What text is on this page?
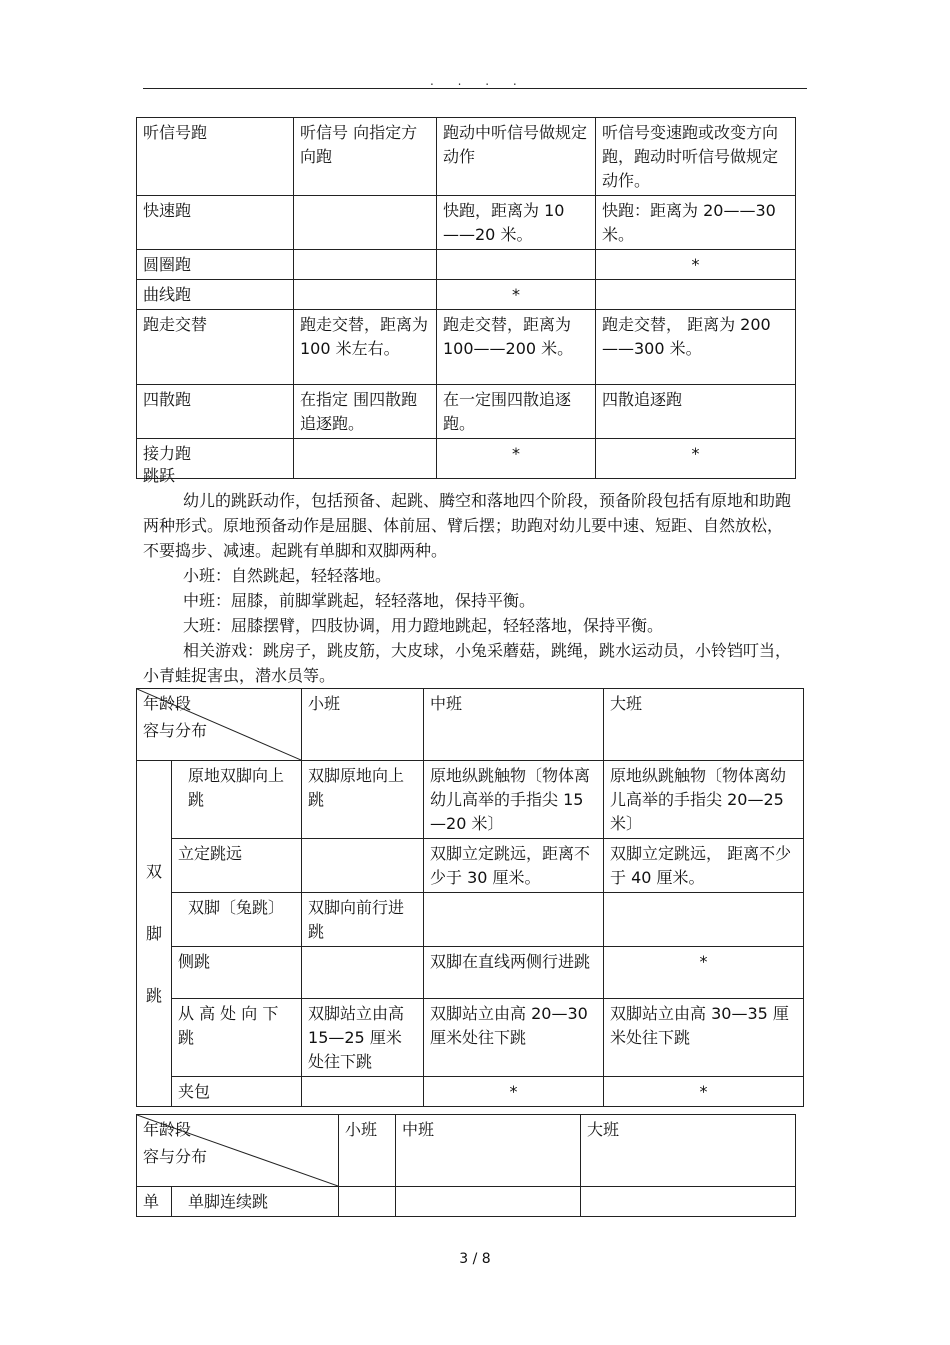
. . . .
听信号跑	听信号 向指定方向跑	跑动中听信号做规定动作	听信号变速跑或改变方向跑，跑动时听信号做规定动作。
快速跑		快跑，距离为 10——20 米。	快跑：距离为 20——30 米。
圆圈跑			*
曲线跑		*	
跑走交替	跑走交替，距离为 100 米左右。	跑走交替，距离为 100——200 米。	跑走交替， 距离为 200——300 米。
四散跑	在指定 围四散跑追逐跑。	在一定围四散追逐跑。	四散追逐跑
接力跑		*	*

跳跃

幼儿的跳跃动作，包括预备、起跳、腾空和落地四个阶段，预备阶段包括有原地和助跑两种形式。原地预备动作是屈腿、体前屈、臂后摆；助跑对幼儿要中速、短距、自然放松，不要捣步、减速。起跳有单脚和双脚两种。

小班：自然跳起，轻轻落地。

中班：屈膝，前脚掌跳起，轻轻落地，保持平衡。

大班：屈膝摆臂，四肢协调，用力蹬地跳起，轻轻落地，保持平衡。

相关游戏：跳房子，跳皮筋，大皮球，小兔采蘑菇，跳绳，跳水运动员，小铃铛叮当，小青蛙捉害虫，潜水员等。

年龄段
容与分布		小班	中班	大班

双
脚
跳	原地双脚向上跳	双脚原地向上跳	原地纵跳触物〔物体离幼儿高举的手指尖 15—20 米〕	原地纵跳触物〔物体离幼儿高举的手指尖 20—25 米〕
	立定跳远		双脚立定跳远，距离不少于 30 厘米。	双脚立定跳远， 距离不少于 40 厘米。
	双脚〔兔跳〕	双脚向前行进跳		
	侧跳		双脚在直线两侧行进跳	*
	从 高 处 向 下 跳	双脚站立由高 15—25 厘米处往下跳	双脚站立由高 20—30 厘米处往下跳	双脚站立由高 30—35 厘米处往下跳
	夹包		*	*
年龄段
容与分布		小班	中班	大班
单	单脚连续跳			
3 / 8
